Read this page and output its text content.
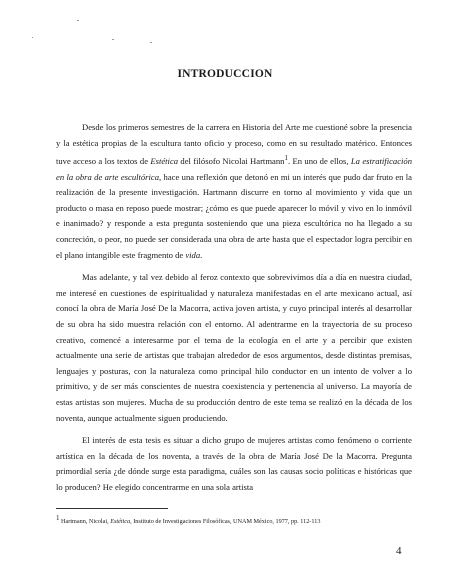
INTRODUCCION

Desde los primeros semestres de la carrera en Historia del Arte me cuestioné sobre la presencia y la estética propias de la escultura tanto oficio y proceso, como en su resultado matérico. Entonces tuve acceso a los textos de Estética del filósofo Nicolai Hartmann$^1$. En uno de ellos, La estratificación en la obra de arte escultórica, hace una reflexión que detonó en mi un interés que pudo dar fruto en la realización de la presente investigación. Hartmann discurre en torno al movimiento y vida que un producto o masa en reposo puede mostrar; ¿cómo es que puede aparecer lo móvil y vivo en lo inmóvil e inanimado? y responde a esta pregunta sosteniendo que una pieza escultórica no ha llegado a su concreción, o peor, no puede ser considerada una obra de arte hasta que el espectador logra percibir en el plano intangible este fragmento de vida.

Mas adelante, y tal vez debido al feroz contexto que sobrevivimos día a día en nuestra ciudad, me interesé en cuestiones de espiritualidad y naturaleza manifestadas en el arte mexicano actual, así conocí la obra de María José De la Macorra, activa joven artista, y cuyo principal interés al desarrollar de su obra ha sido muestra relación con el entorno. Al adentrarme en la trayectoria de su proceso creativo, comencé a interesarme por el tema de la ecología en el arte y a percibir que existen actualmente una serie de artistas que trabajan alrededor de esos argumentos, desde distintas premisas, lenguajes y posturas, con la naturaleza como principal hilo conductor en un intento de volver a lo primitivo, y de ser más conscientes de nuestra coexistencia y pertenencia al universo. La mayoría de estas artistas son mujeres. Mucha de su producción dentro de este tema se realizó en la década de los noventa, aunque actualmente siguen produciendo.

El interés de esta tesis es situar a dicho grupo de mujeres artistas como fenómeno o corriente artística en la década de los noventa, a través de la obra de María José De la Macorra. Pregunta primordial sería ¿de dónde surge esta paradigma, cuáles son las causas socio políticas e históricas que lo producen? He elegido concentrarme en una sola artista

$^1$ Hartmann, Nicolai, Estética, Instituto de Investigaciones Filosóficas, UNAM México, 1977, pp. 112-113
4
